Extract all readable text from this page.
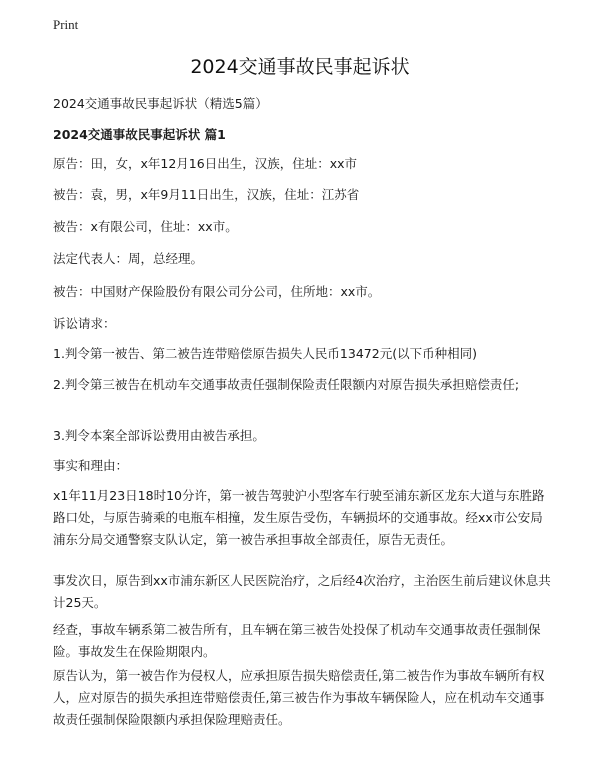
Print
2024交通事故民事起诉状

2024交通事故民事起诉状（精选5篇）

2024交通事故民事起诉状 篇1

原告：田，女，x年12月16日出生，汉族，住址：xx市

被告：袁，男，x年9月11日出生，汉族，住址：江苏省

被告：x有限公司，住址：xx市。

法定代表人：周，总经理。

被告：中国财产保险股份有限公司分公司，住所地：xx市。

诉讼请求：

1.判令第一被告、第二被告连带赔偿原告损失人民币13472元(以下币种相同)

2.判令第三被告在机动车交通事故责任强制保险责任限额内对原告损失承担赔偿责任;

3.判令本案全部诉讼费用由被告承担。

事实和理由：

x1年11月23日18时10分许，第一被告驾驶沪小型客车行驶至浦东新区龙东大道与东胜路路口处，与原告骑乘的电瓶车相撞，发生原告受伤，车辆损坏的交通事故。经xx市公安局浦东分局交通警察支队认定，第一被告承担事故全部责任，原告无责任。

事发次日，原告到xx市浦东新区人民医院治疗，之后经4次治疗，主治医生前后建议休息共计25天。

经查，事故车辆系第二被告所有，且车辆在第三被告处投保了机动车交通事故责任强制保险。事故发生在保险期限内。

原告认为，第一被告作为侵权人，应承担原告损失赔偿责任,第二被告作为事故车辆所有权人，应对原告的损失承担连带赔偿责任,第三被告作为事故车辆保险人，应在机动车交通事故责任强制保险限额内承担保险理赔责任。
